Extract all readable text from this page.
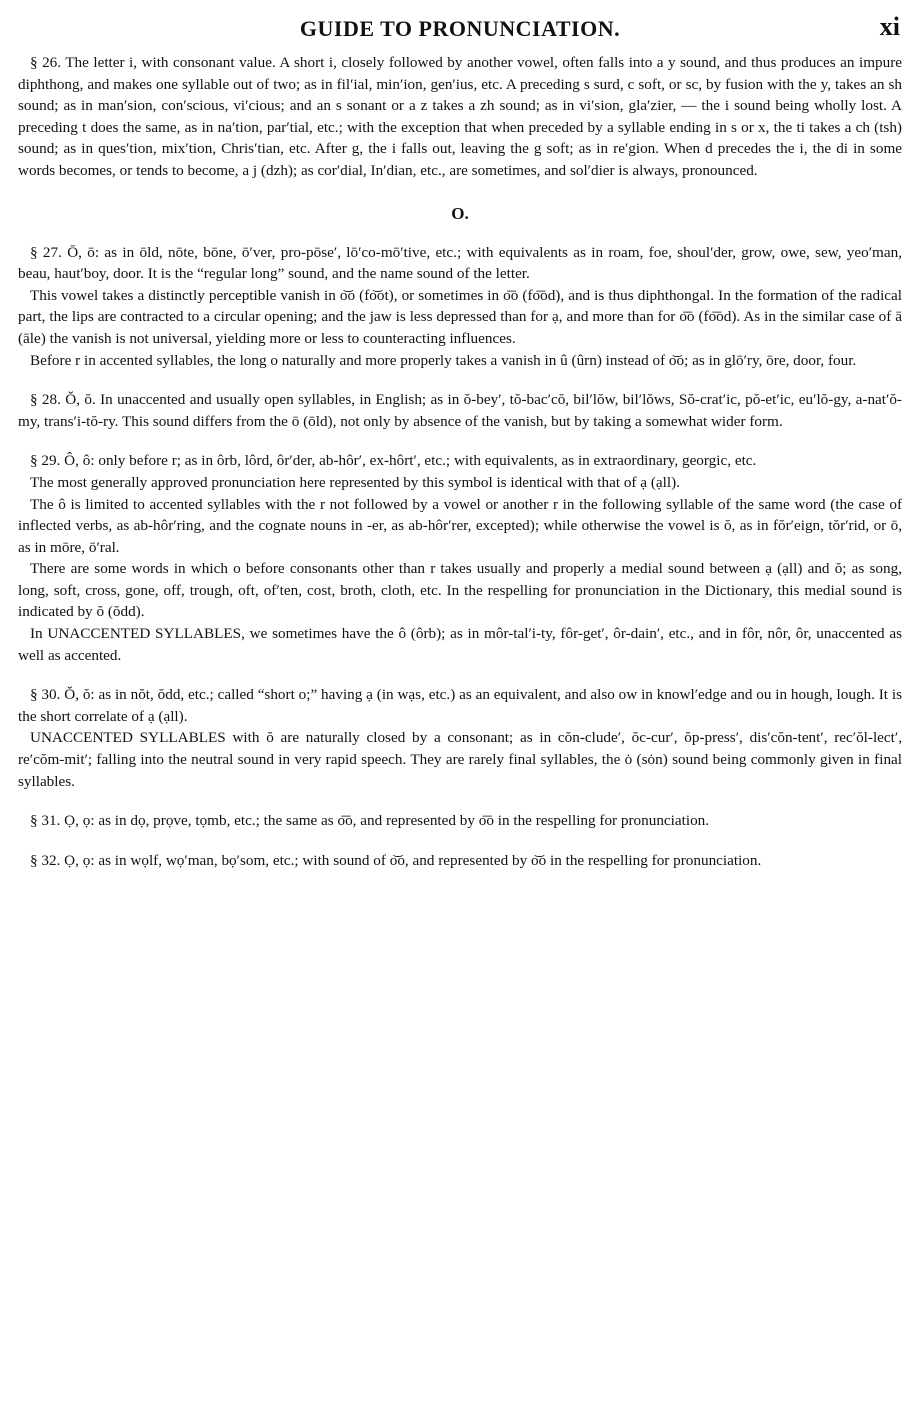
GUIDE TO PRONUNCIATION.	xi

§ 26. The letter i, with consonant value. A short i, closely followed by another vowel, often falls into a y sound, and thus produces an impure diphthong, and makes one syllable out of two; as in fil′ial, min′ion, gen′ius, etc. A preceding s surd, c soft, or sc, by fusion with the y, takes an sh sound; as in man′sion, con′scious, vi′cious; and an s sonant or a z takes a zh sound; as in vi′sion, gla′zier, — the i sound being wholly lost. A preceding t does the same, as in na′tion, par′tial, etc.; with the exception that when preceded by a syllable ending in s or x, the ti takes a ch (tsh) sound; as in ques′tion, mix′tion, Chris′tian, etc. After g, the i falls out, leaving the g soft; as in re′gion. When d precedes the i, the di in some words becomes, or tends to become, a j (dzh); as cor′dial, In′dian, etc., are sometimes, and sol′dier is always, pronounced.

O.

§ 27. Ō, ō: as in ōld, nōte, bōne, ō′ver, pro-pōse′, lō′co-mō′tive, etc.; with equivalents as in roam, foe, shoul′der, grow, owe, sew, yeo′man, beau, haut′boy, door. It is the “regular long” sound, and the name sound of the letter.

This vowel takes a distinctly perceptible vanish in o͝o (fo͝ot), or sometimes in o͞o (fo͞od), and is thus diphthongal. In the formation of the radical part, the lips are contracted to a circular opening; and the jaw is less depressed than for ạ, and more than for o͞o (fo͞od). As in the similar case of ā (āle) the vanish is not universal, yielding more or less to counteracting influences.

Before r in accented syllables, the long o naturally and more properly takes a vanish in û (ûrn) instead of o͝o; as in glō′ry, ōre, door, four.

§ 28. Ŏ, ŏ. In unaccented and usually open syllables, in English; as in ŏ-bey′, tŏ-bac′cŏ, bil′lŏw, bil′lŏws, Sŏ-crat′ic, pŏ-et′ic, eu′lŏ-gy, a-nat′ŏ-my, trans′i-tŏ-ry. This sound differs from the ō (ōld), not only by absence of the vanish, but by taking a somewhat wider form.

§ 29. Ô, ô: only before r; as in ôrb, lôrd, ôr′der, ab-hôr′, ex-hôrt′, etc.; with equivalents, as in extraordinary, georgic, etc.

The most generally approved pronunciation here represented by this symbol is identical with that of ạ (ạll).

The ô is limited to accented syllables with the r not followed by a vowel or another r in the following syllable of the same word (the case of inflected verbs, as ab-hôr′ring, and the cognate nouns in -er, as ab-hôr′rer, excepted); while otherwise the vowel is ŏ, as in fŏr′eign, tŏr′rid, or ō, as in mōre, ō′ral.

There are some words in which o before consonants other than r takes usually and properly a medial sound between ạ (ạll) and ŏ; as song, long, soft, cross, gone, off, trough, oft, of′ten, cost, broth, cloth, etc. In the respelling for pronunciation in the Dictionary, this medial sound is indicated by ŏ (ŏdd).

In UNACCENTED SYLLABLES, we sometimes have the ô (ôrb); as in môr-tal′i-ty, fôr-get′, ôr-dain′, etc., and in fôr, nôr, ôr, unaccented as well as accented.

§ 30. Ŏ, ŏ: as in nŏt, ŏdd, etc.; called “short o;” having ạ (in wạs, etc.) as an equivalent, and also ow in knowl′edge and ou in hough, lough. It is the short correlate of ạ (ạll).

UNACCENTED SYLLABLES with ŏ are naturally closed by a consonant; as in cŏn-clude′, ŏc-cur′, ŏp-press′, dis′cŏn-tent′, rec′ŏl-lect′, re′cŏm-mit′; falling into the neutral sound in very rapid speech. They are rarely final syllables, the ȯ (sȯn) sound being commonly given in final syllables.

§ 31. Ọ, ọ: as in dọ, prọve, tọmb, etc.; the same as o͞o, and represented by o͞o in the respelling for pronunciation.

§ 32. Ọ, ọ: as in wọlf, wọ′man, bọ′som, etc.; with sound of o͝o, and represented by o͝o in the respelling for pronunciation.
